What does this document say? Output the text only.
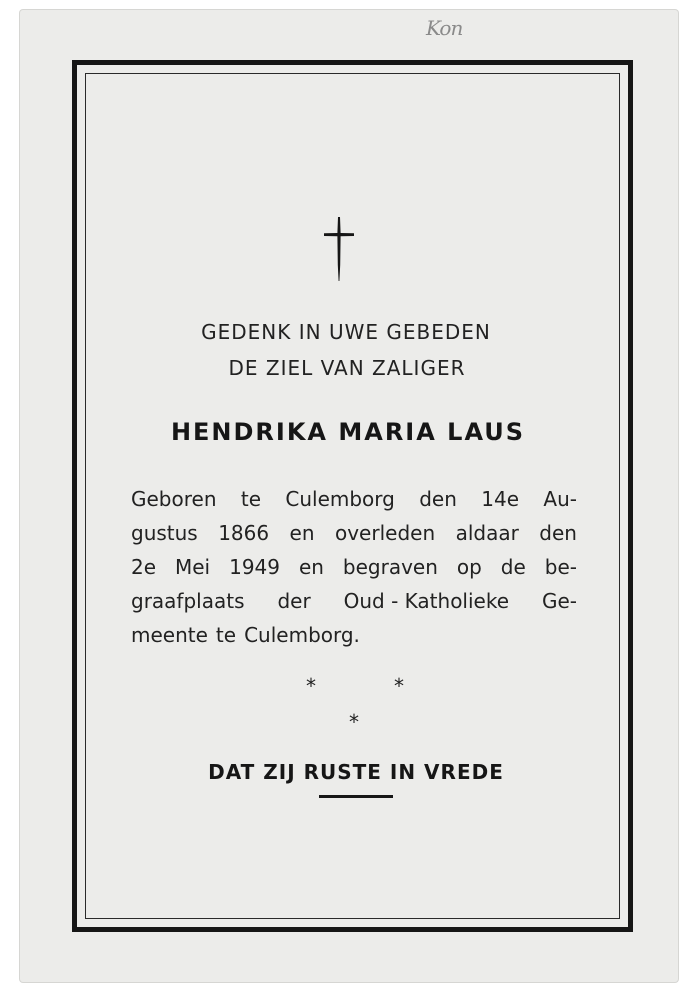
Kon
GEDENK IN UWE GEBEDEN
DE ZIEL VAN ZALIGER
HENDRIKA MARIA LAUS
Geboren te Culemborg den 14e Au-
gustus 1866 en overleden aldaar den
2e Mei 1949 en begraven op de be-
graafplaats der Oud - Katholieke Ge-
meente te Culemborg.
*	*
*
DAT ZIJ RUSTE IN VREDE
